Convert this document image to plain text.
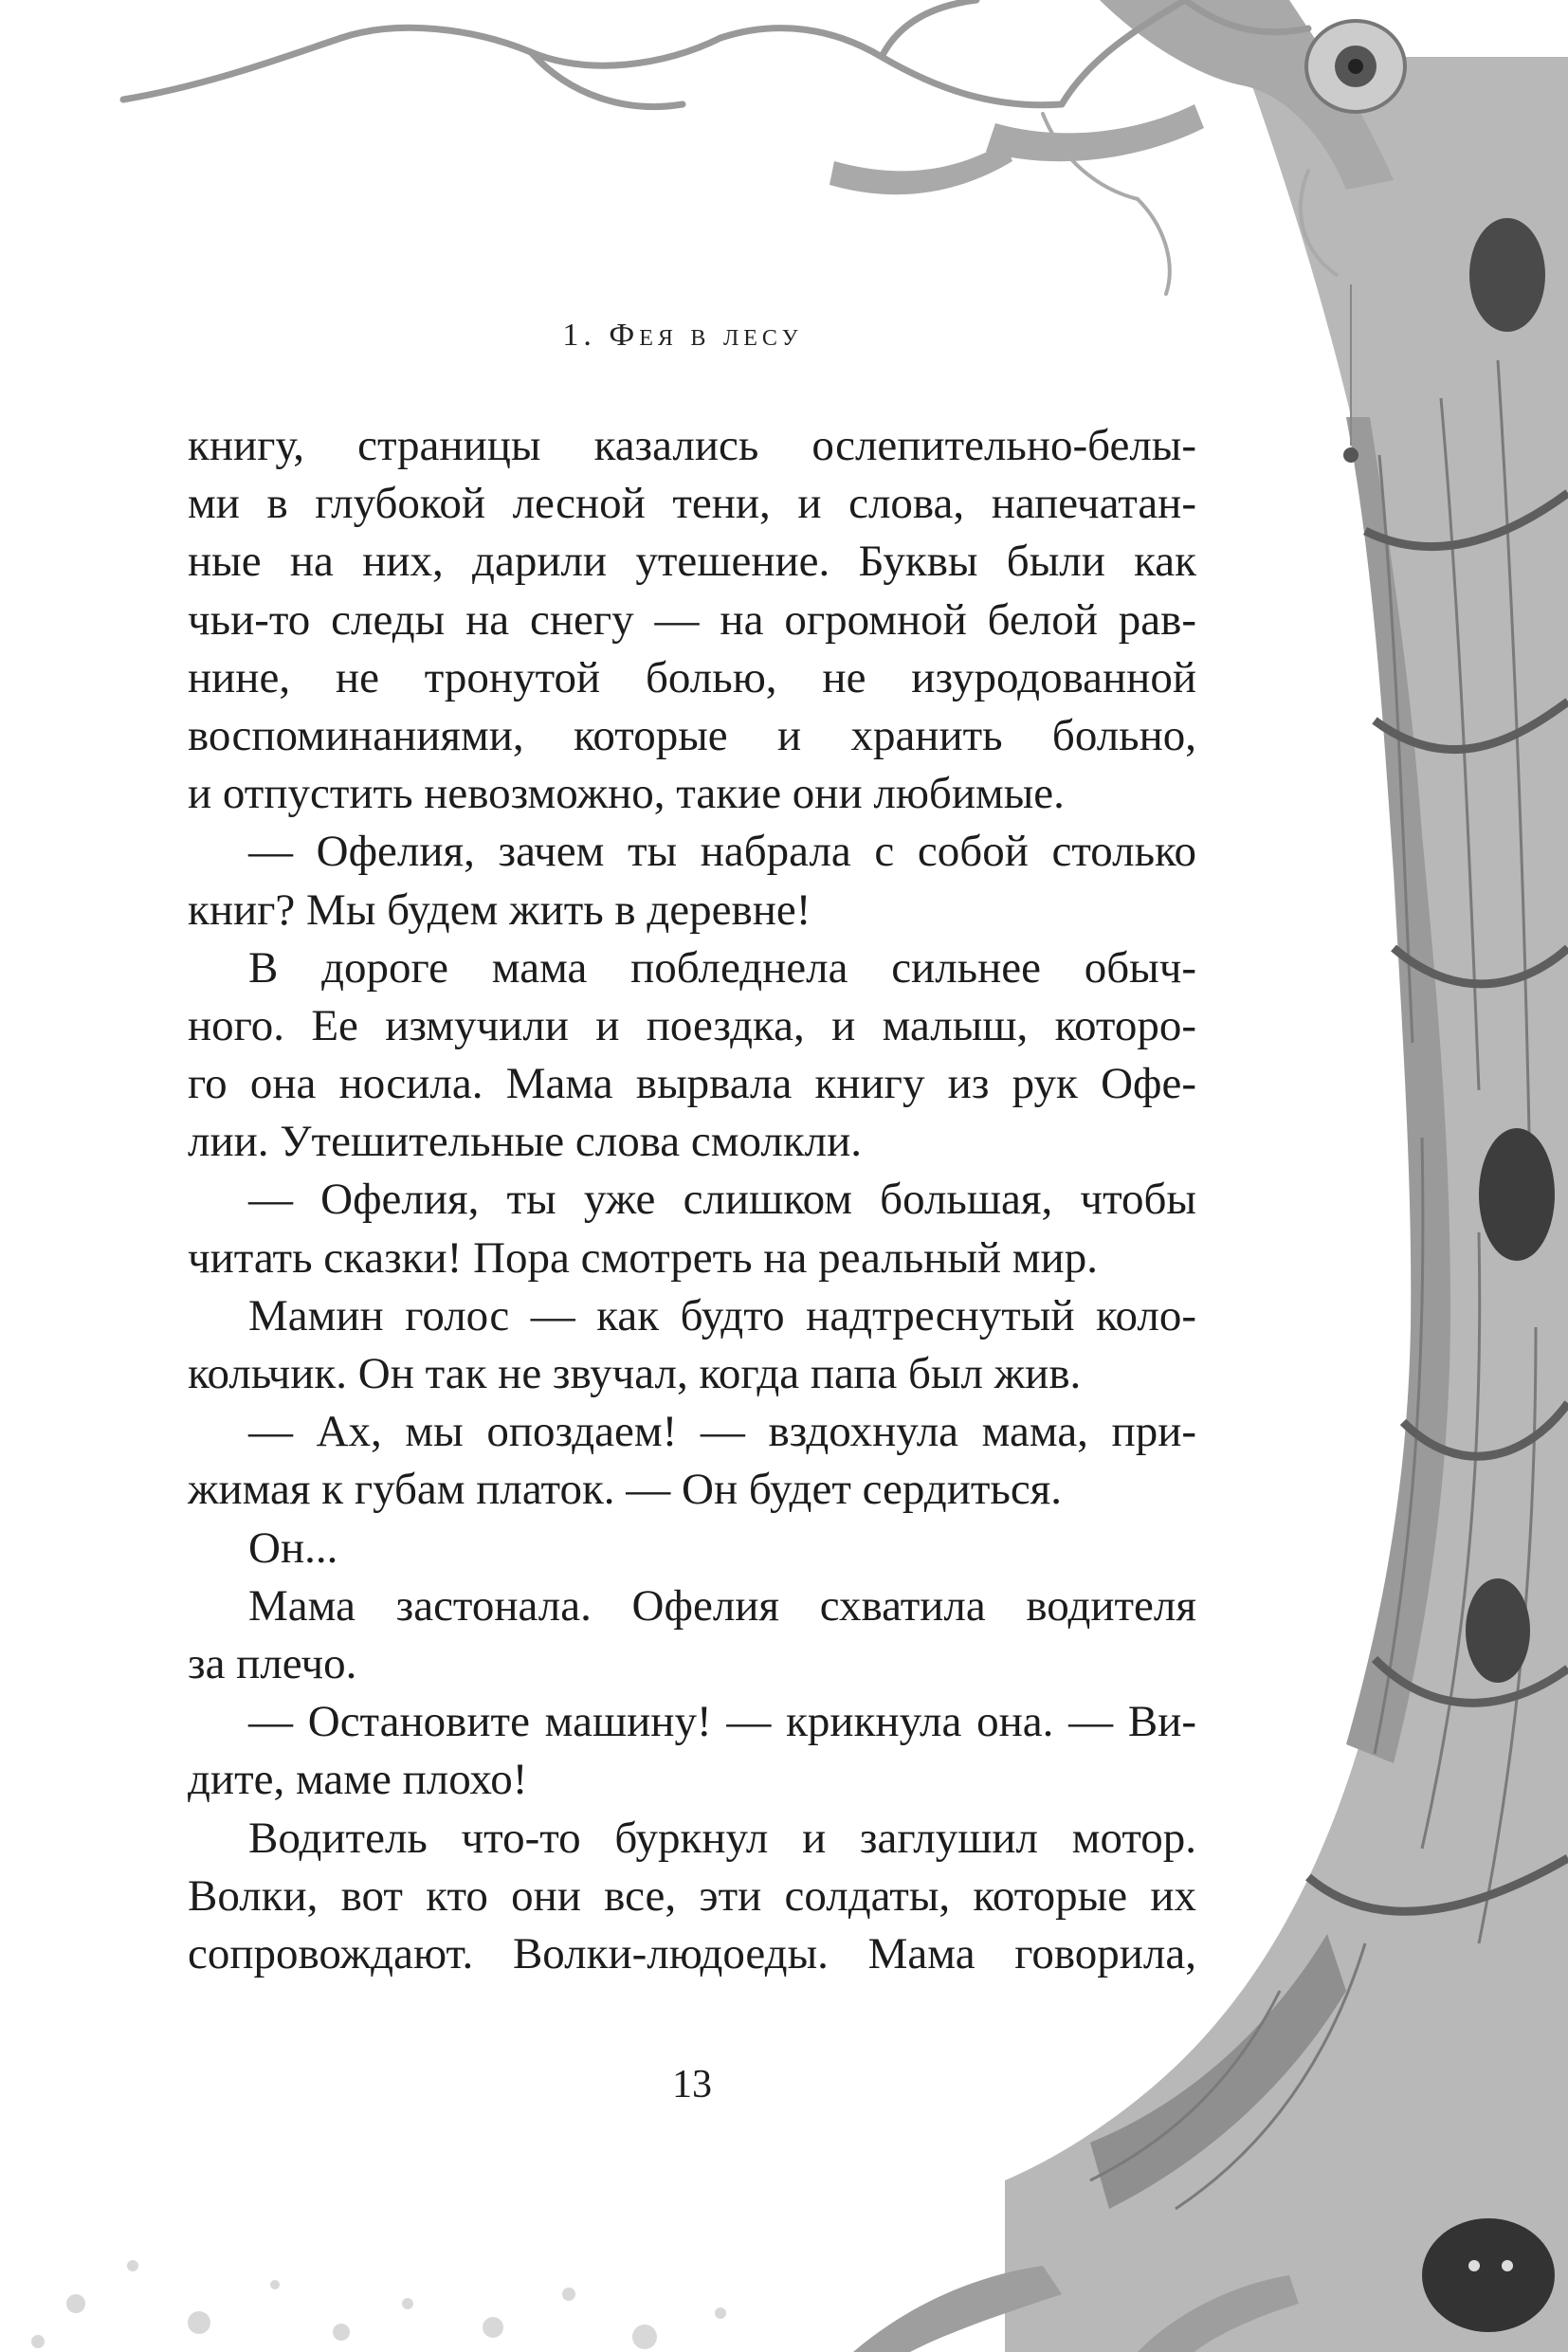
1. Фея в лесу
книгу, страницы казались ослепительно-белы-
ми в глубокой лесной тени, и слова, напечатан-
ные на них, дарили утешение. Буквы были как
чьи-то следы на снегу — на огромной белой рав-
нине, не тронутой болью, не изуродованной
воспоминаниями, которые и хранить больно,
и отпустить невозможно, такие они любимые.
— Офелия, зачем ты набрала с собой столько
книг? Мы будем жить в деревне!
В дороге мама побледнела сильнее обыч-
ного. Ее измучили и поездка, и малыш, которо-
го она носила. Мама вырвала книгу из рук Офе-
лии. Утешительные слова смолкли.
— Офелия, ты уже слишком большая, чтобы
читать сказки! Пора смотреть на реальный мир.
Мамин голос — как будто надтреснутый коло-
кольчик. Он так не звучал, когда папа был жив.
— Ах, мы опоздаем! — вздохнула мама, при-
жимая к губам платок. — Он будет сердиться.
Он...
Мама застонала. Офелия схватила водителя
за плечо.
— Остановите машину! — крикнула она. — Ви-
дите, маме плохо!
Водитель что-то буркнул и заглушил мотор.
Волки, вот кто они все, эти солдаты, которые их
сопровождают. Волки-людоеды. Мама говорила,
13
